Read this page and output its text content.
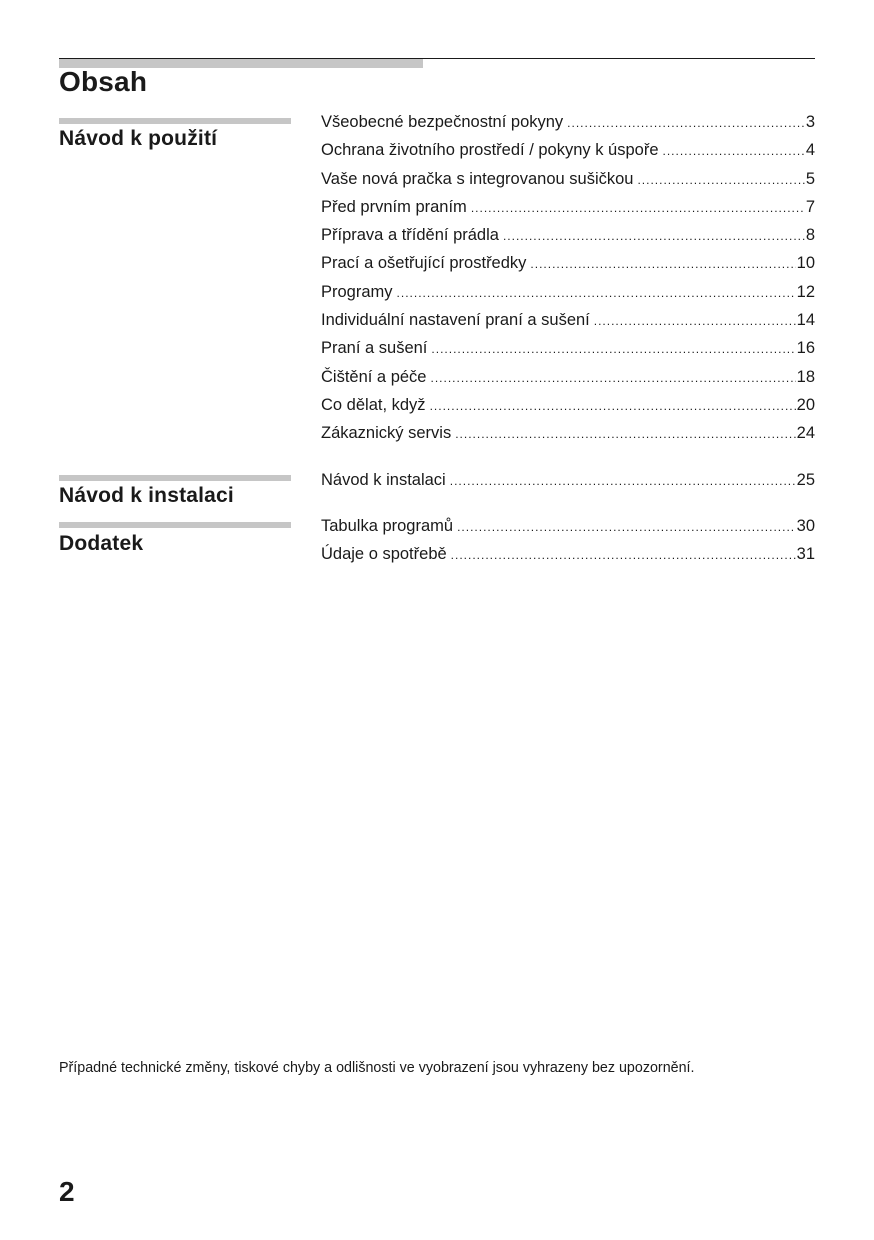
Obsah
Návod k použití
Všeobecné bezpečnostní pokyny .....	3
Ochrana životního prostředí / pokyny k úspoře .....	4
Vaše nová pračka s integrovanou sušičkou .....	5
Před prvním praním .....	7
Příprava a třídění prádla .....	8
Prací a ošetřující prostředky .....	10
Programy .....	12
Individuální nastavení praní a sušení .....	14
Praní a sušení .....	16
Čištění a péče .....	18
Co dělat, když .....	20
Zákaznický servis .....	24
Návod k instalaci
Návod k instalaci .....	25
Dodatek
Tabulka programů .....	30
Údaje o spotřebě .....	31

Případné technické změny, tiskové chyby a odlišnosti ve vyobrazení jsou vyhrazeny bez upozornění.

2
